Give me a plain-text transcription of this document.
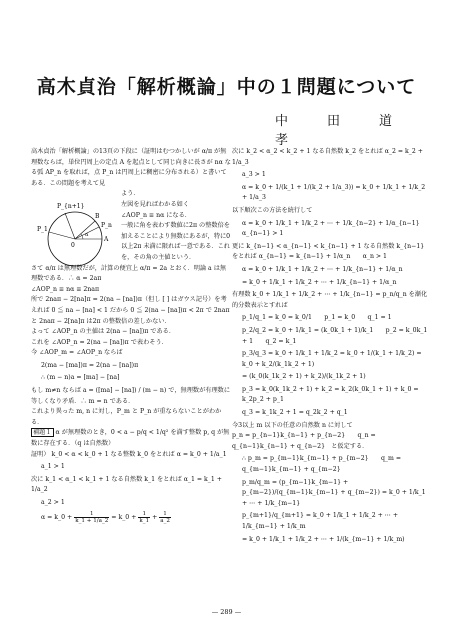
高木貞治「解析概論」中の１問題について
中　田　道　孝
P_{n+1}
B
P_1
P_n
A
0
α

高木貞治「解析概論」の13頁の下段に（証明はむつかしいが α/π が無理数ならば，単位円周上の定点 A を起点として同じ向きに長さが nα なる弧 AP_n を取れば，点 P_n は円周上に稠密に分布される）と書いてある．この問題を考えて見

よう．

左図を見ればわかる如く

∠AOP_n ≡ nα になる．

一般に角を表わす数値に2π の整数倍を加えることにより無数にあるが，特に0以上2π 未満に限れば一意である．これを，その角の主値という．

さて α/π は無理数だが，計算の便宜上 α/π = 2a とおく．明論 a は無理数である．∴ α = 2aπ

∠AOP_n ≡ nα ≡ 2naπ

所で 2naπ − 2[na]π = 2(na − [na])π（但し [ ] はガウス記号）を考えれば 0 ≦ na − [na] < 1 だから 0 ≦ 2(na − [na])π < 2π で 2naπ と 2naπ − 2[na]π は2π の整数倍の差しかない．

よって ∠AOP_n の主値は 2(na − [na])π である．

これを ∠AOP_n = 2(na − [na])π で表わそう．

今 ∠AOP_m = ∠AOP_n ならば

2(ma − [ma])π = 2(na − [na])π

∴ (m − n)a = [ma] − [na]

もし m≠n ならば a = ([ma] − [na]) / (m − n) で，無理数が有理数に等しくなり矛盾．∴ m = n である．

これより異った m, n に対し，P_m と P_n が重ならないことがわかる．

補題１ α が無理数のとき，0 < a − p/q < 1/q² を満す整数 p, q が無数に存在する．（q は自然数）

証明） k_0 < α < k_0 + 1 なる整数 k_0 をとれば α = k_0 + 1/a_1

a_1 > 1

次に k_1 < α_1 < k_1 + 1 なる自然数 k_1 をとれば α_1 = k_1 + 1/a_2

a_2 > 1

α = k_0 + $\frac{1}{k\_1 + 1/a\_2}$ = k_0 + $\frac{1}{k\_1} + \frac{1}{a\_2}$

次に k_2 < α_2 < k_2 + 1 なる自然数 k_2 をとれば α_2 = k_2 + 1/a_3

a_3 > 1

α = k_0 + 1/(k_1 + 1/(k_2 + 1/a_3)) = k_0 + 1/k_1 + 1/k_2 + 1/a_3

以下順次この方法を続行して

α = k_0 + 1/k_1 + 1/k_2 + ⋯ + 1/k_{n−2} + 1/α_{n−1}　　α_{n−1} > 1

更に k_{n−1} < α_{n−1} < k_{n−1} + 1 なる自然数 k_{n−1} をとれば α_{n−1} = k_{n−1} + 1/α_n　　α_n > 1

α = k_0 + 1/k_1 + 1/k_2 + ⋯ + 1/k_{n−1} + 1/α_n

= k_0 + 1/k_1 + 1/k_2 + ⋯ + 1/k_{n−1} + 1/α_n

有理数 k_0 + 1/k_1 + 1/k_2 + ⋯ + 1/k_{n−1} = p_n/q_n を漸化的分数表示とすれば

p_1/q_1 = k_0 = k_0/1　　p_1 = k_0　　q_1 = 1

p_2/q_2 = k_0 + 1/k_1 = (k_0k_1 + 1)/k_1　　p_2 = k_0k_1 + 1　　q_2 = k_1

p_3/q_3 = k_0 + 1/k_1 + 1/k_2 = k_0 + 1/(k_1 + 1/k_2) = k_0 + k_2/(k_1k_2 + 1)

= (k_0(k_1k_2 + 1) + k_2)/(k_1k_2 + 1)

p_3 = k_0(k_1k_2 + 1) + k_2 = k_2(k_0k_1 + 1) + k_0 = k_2p_2 + p_1

q_3 = k_1k_2 + 1 = q_2k_2 + q_1

今3以上 m 以下の任意の自然数 n に対して

p_n = p_{n−1}k_{n−1} + p_{n−2}　　q_n = q_{n−1}k_{n−1} + q_{n−2}　と仮定する．

∴ p_m = p_{m−1}k_{m−1} + p_{m−2}　　q_m = q_{m−1}k_{m−1} + q_{m−2}

p_m/q_m = (p_{m−1}k_{m−1} + p_{m−2})/(q_{m−1}k_{m−1} + q_{m−2}) = k_0 + 1/k_1 + ⋯ + 1/k_{m−1}

p_{m+1}/q_{m+1} = k_0 + 1/k_1 + 1/k_2 + ⋯ + 1/k_{m−1} + 1/k_m

= k_0 + 1/k_1 + 1/k_2 + ⋯ + 1/(k_{m−1} + 1/k_m)

— 289 —
